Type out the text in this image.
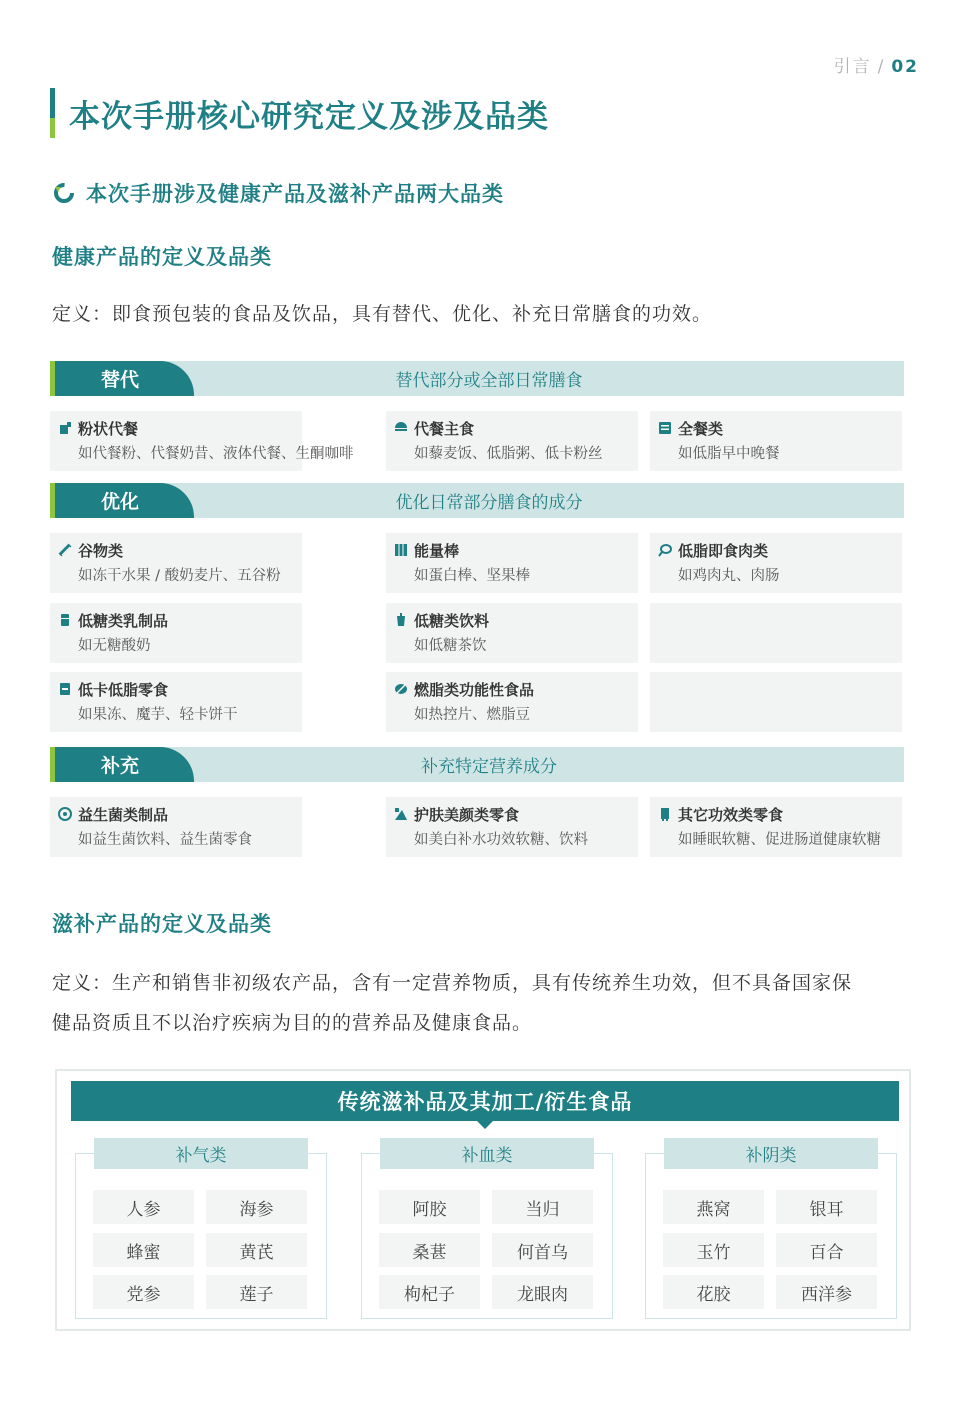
引言 / 02
本次手册核心研究定义及涉及品类
本次手册涉及健康产品及滋补产品两大品类
健康产品的定义及品类
定义：即食预包装的食品及饮品，具有替代、优化、补充日常膳食的功效。
替代	替代部分或全部日常膳食
粉状代餐
如代餐粉、代餐奶昔、液体代餐、生酮咖啡
代餐主食
如藜麦饭、低脂粥、低卡粉丝
全餐类
如低脂早中晚餐
优化	优化日常部分膳食的成分
谷物类
如冻干水果 / 酸奶麦片、五谷粉
能量棒
如蛋白棒、坚果棒
低脂即食肉类
如鸡肉丸、肉肠
低糖类乳制品
如无糖酸奶
低糖类饮料
如低糖茶饮
低卡低脂零食
如果冻、魔芋、轻卡饼干
燃脂类功能性食品
如热控片、燃脂豆
补充	补充特定营养成分
益生菌类制品
如益生菌饮料、益生菌零食
护肤美颜类零食
如美白补水功效软糖、饮料
其它功效类零食
如睡眠软糖、促进肠道健康软糖
滋补产品的定义及品类
定义：生产和销售非初级农产品，含有一定营养物质，具有传统养生功效，但不具备国家保
健品资质且不以治疗疾病为目的的营养品及健康食品。
传统滋补品及其加工/衍生食品
补气类
人参	海参
蜂蜜	黄芪
党参	莲子
补血类
阿胶	当归
桑葚	何首乌
枸杞子	龙眼肉
补阴类
燕窝	银耳
玉竹	百合
花胶	西洋参
